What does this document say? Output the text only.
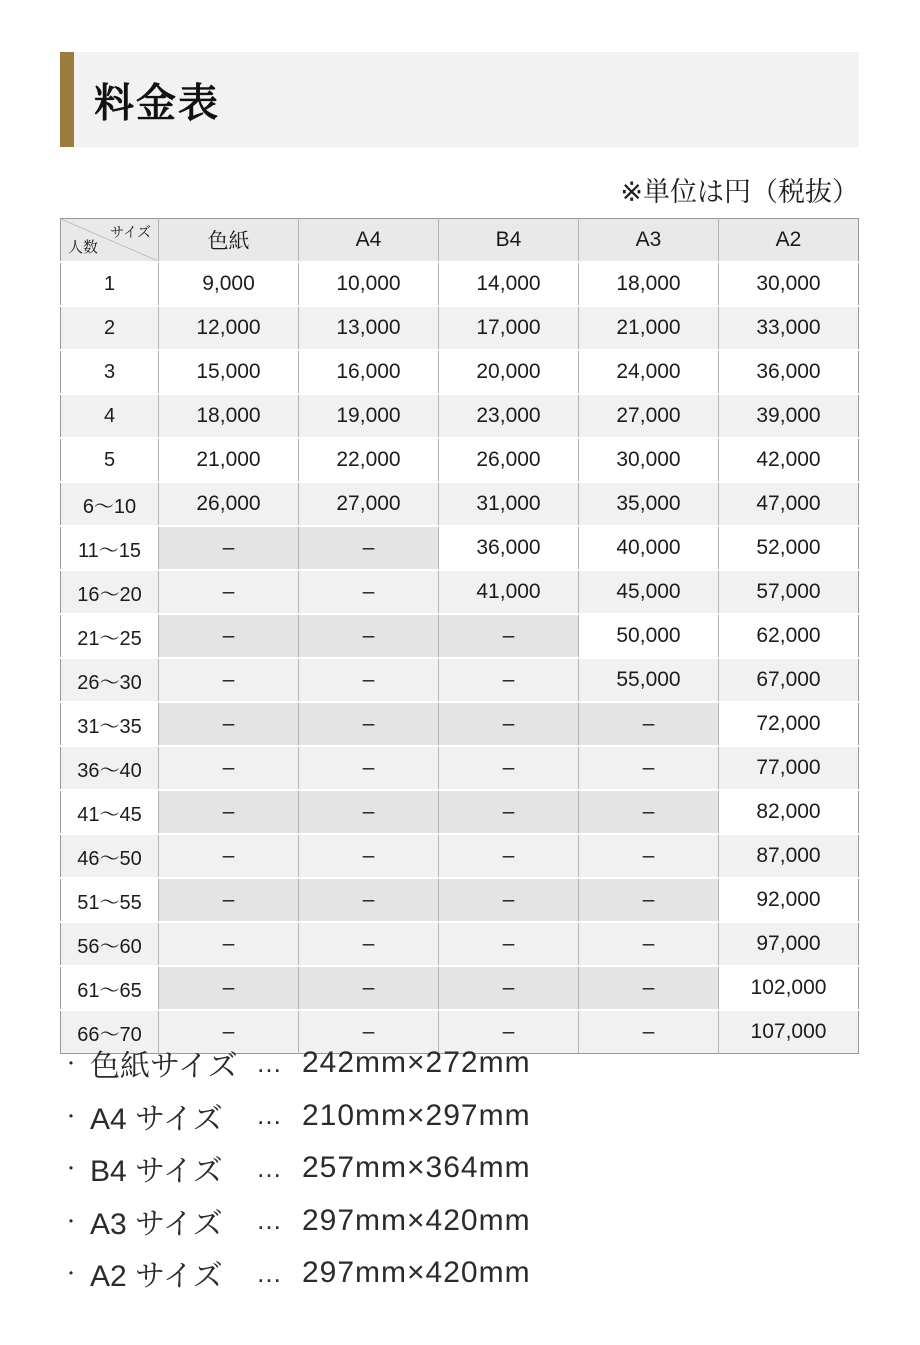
料金表
※単位は円（税抜）
サイズ
人数	色紙	A4	B4	A3	A2
1	9,000	10,000	14,000	18,000	30,000
2	12,000	13,000	17,000	21,000	33,000
3	15,000	16,000	20,000	24,000	36,000
4	18,000	19,000	23,000	27,000	39,000
5	21,000	22,000	26,000	30,000	42,000
6〜10	26,000	27,000	31,000	35,000	47,000
11〜15	–	–	36,000	40,000	52,000
16〜20	–	–	41,000	45,000	57,000
21〜25	–	–	–	50,000	62,000
26〜30	–	–	–	55,000	67,000
31〜35	–	–	–	–	72,000
36〜40	–	–	–	–	77,000
41〜45	–	–	–	–	82,000
46〜50	–	–	–	–	87,000
51〜55	–	–	–	–	92,000
56〜60	–	–	–	–	97,000
61〜65	–	–	–	–	102,000
66〜70	–	–	–	–	107,000
・ 色紙サイズ … 242mm×272mm
・ A4 サイズ	… 210mm×297mm
・ B4 サイズ	… 257mm×364mm
・ A3 サイズ	… 297mm×420mm
・ A2 サイズ	… 297mm×420mm
